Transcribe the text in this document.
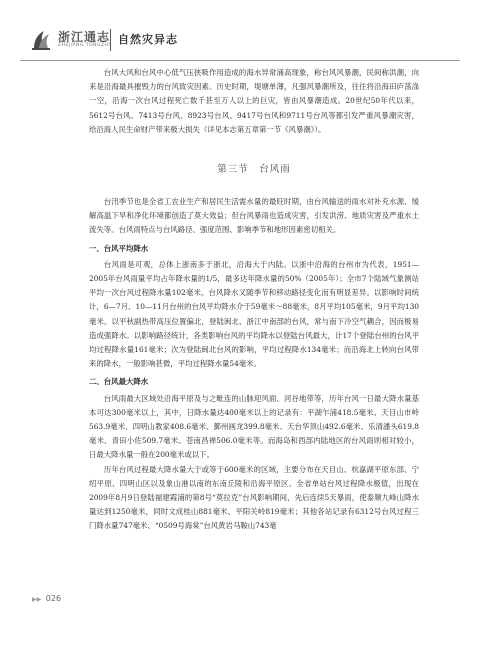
浙江通志
ZHEJIANG TONGZHI 自然灾异志

台风大风和台风中心低气压狭吸作用造成的海水异常涌高现象，称台风风暴潮，民间称洪潮，向来是沿海最具摧毁力的台风致灾因素。历史时期，堤塘单薄，凡强风暴潮所及，往往将沿海田庐荡涤一空，沿海一次台风过程死亡数千甚至万人以上的巨灾，皆由风暴潮造成。20世纪50年代以来，5612号台风、7413号台风、8923号台风、9417号台风和9711号台风等都引发严重风暴潮灾害，给沿海人民生命财产带来极大损失（详见本志第五章第一节《风暴潮》）。

第三节　台风雨

台汛季节也是全省工农业生产和居民生活需水量的最旺时期，由台风输送的雨水对补充水源、缓解高温下旱和净化环境都创造了莫大效益；但台风暴雨也造成灾害，引发洪涝、地质灾害及严重水土流失等。台风雨特点与台风路径、强度范围、影响季节和地形因素密切相关。

一、台风平均降水

台风雨是可观，总体上浙南多于浙北，沿海大于内陆。以浙中沿海的台州市为代表，1951—2005年台风雨量平均占年降水量的1/5，最多达年降水量的50%（2005年）；全市7个陆域气象测站平均一次台风过程降水量102毫米。台风降水又随季节和移动路径变化而有明显差异。以影响时间统计，6—7月、10—11月台州的台风平均降水介于59毫米～88毫米，8月平均105毫米，9月平均130毫米。以平秋副热带高压位置偏北，登陆闽北、浙江中南部的台风，常与南下冷空气耦合，因而极易造成强降水。以影响路径统计，各类影响台风的平均降水以登陆台风最大，计17个登陆台州的台风平均过程降水量161毫米；次为登陆闽北台风的影响，平均过程降水134毫米；而沿海北上转向台风带来的降水，一般影响甚微，平均过程降水量54毫米。

二、台风最大降水

台风雨最大区域处沿海平原及与之毗连的山脉迎风面、河谷地带等，历年台风一日最大降水量基本可达300毫米以上，其中，日降水量达400毫米以上的记录有：平湖乍浦418.5毫米、天目山市岭563.9毫米、四明山教家408.6毫米、鄞州画龙399.8毫米、天台华顶山492.6毫米、乐清潘头619.8毫米、青田小佐509.7毫米、苍南昌禅506.0毫米等。而海岛和西部内陆地区的台风雨则相对较小，日最大降水量一般在200毫米或以下。

历年台风过程最大降水量大于或等于600毫米的区域，主要分布在天目山、杭嘉湖平原东部、宁绍平原、四明山区以及象山港以南的东南丘陵和沿海平原区。全省单站台风过程降水极值，出现在2009年8月9日登陆福建霞浦的第8号“莫拉克”台风影响期间，先后连续5天暴雨，使泰顺九峰山降水量达到1250毫米，同时文成桂山881毫米、平阳关岭819毫米；其他各站记录有6312号台风过程三门降水量747毫米、“0509号海棠”台风黄岩马鞍山743毫

▶▶ 026
